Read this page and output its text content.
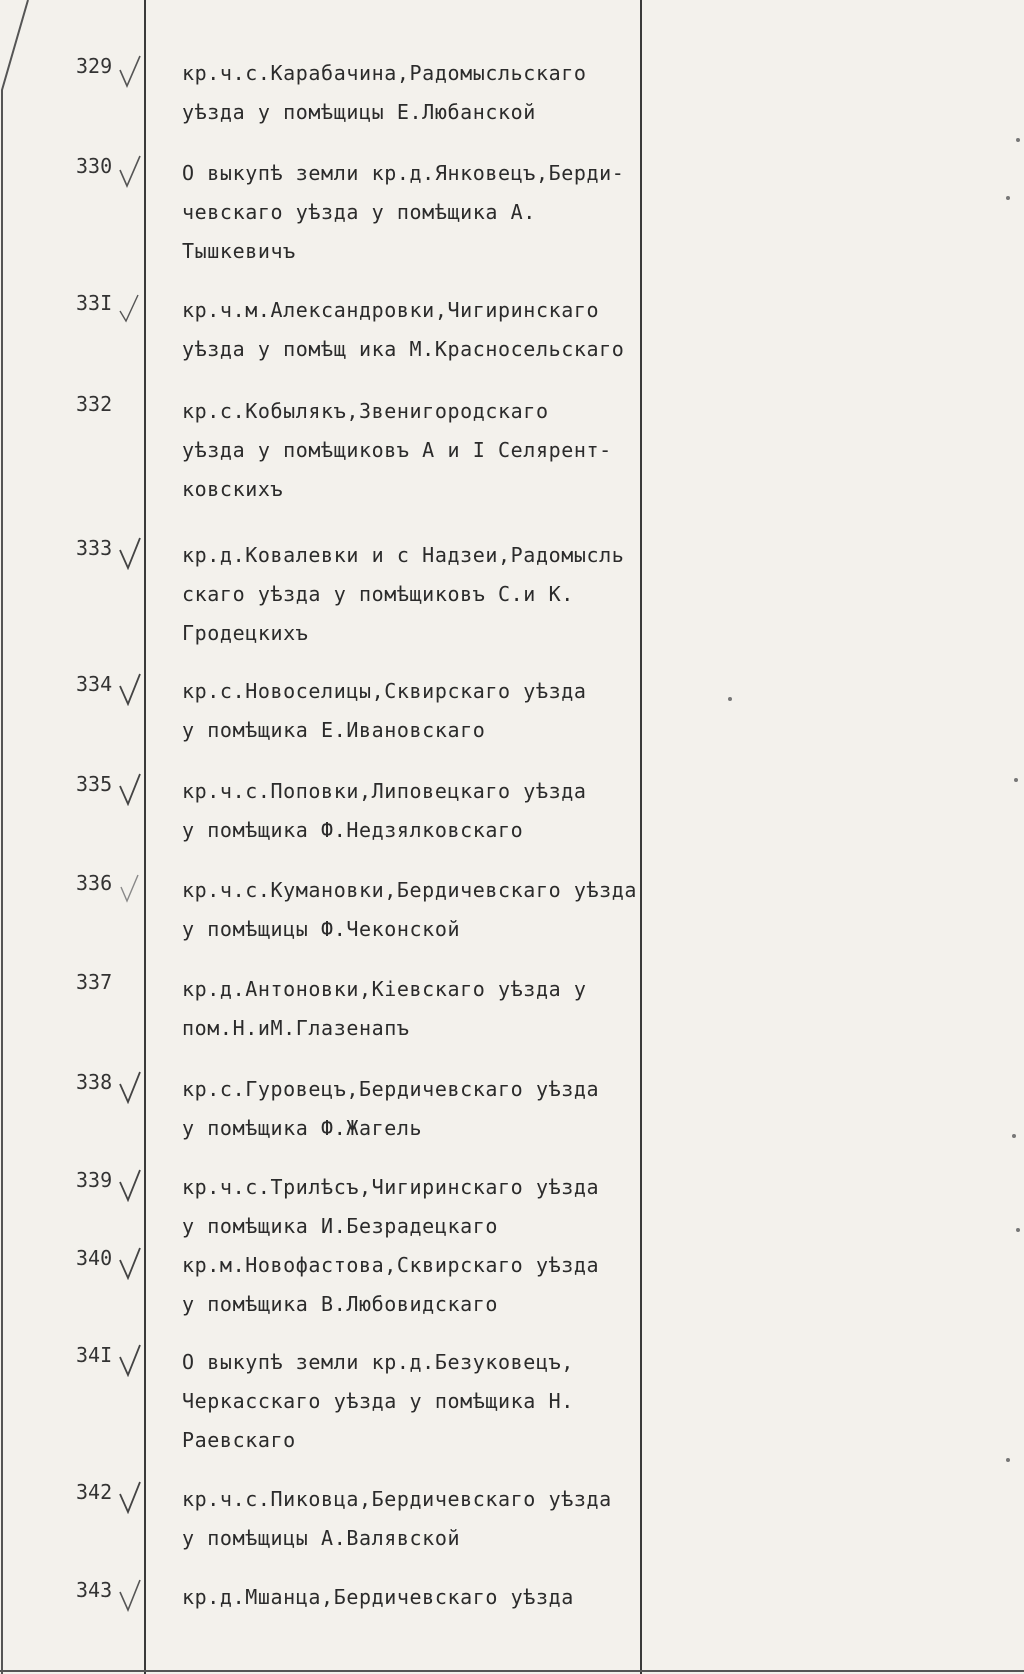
329	кр.ч.с.Карабачина,Радомысльскаго
уѣзда у помѣщицы Е.Любанской
330	О выкупѣ земли кр.д.Янковецъ,Берди-
чевскаго уѣзда у помѣщика А.
Тышкевичъ
33I	кр.ч.м.Александровки,Чигиринскаго
уѣзда у помѣщ ика М.Красносельскаго
332	кр.с.Кобылякъ,Звенигородскаго
уѣзда у помѣщиковъ А и I Селярент-
ковскихъ
333	кр.д.Ковалевки и с Надзеи,Радомысль
скаго уѣзда у помѣщиковъ С.и К.
Гродецкихъ
334	кр.с.Новоселицы,Сквирскаго уѣзда
у помѣщика Е.Ивановскаго
335	кр.ч.с.Поповки,Липовецкаго уѣзда
у помѣщика Ф.Недзялковскаго
336	кр.ч.с.Кумановки,Бердичевскаго уѣзда
у помѣщицы Ф.Чеконской
337	кр.д.Антоновки,Кiевскаго уѣзда у
пом.Н.иМ.Глазенапъ
338	кр.с.Гуровецъ,Бердичевскаго уѣзда
у помѣщика Ф.Жагель
339	кр.ч.с.Трилѣсъ,Чигиринскаго уѣзда
у помѣщика И.Безрадецкаго
340	кр.м.Новофастова,Сквирскаго уѣзда
у помѣщика В.Любовидскаго
34I	О выкупѣ земли кр.д.Безуковецъ,
Черкасскаго уѣзда у помѣщика Н.
Раевскаго
342	кр.ч.с.Пиковца,Бердичевскаго уѣзда
у помѣщицы А.Валявской
343	кр.д.Мшанца,Бердичевскаго уѣзда
